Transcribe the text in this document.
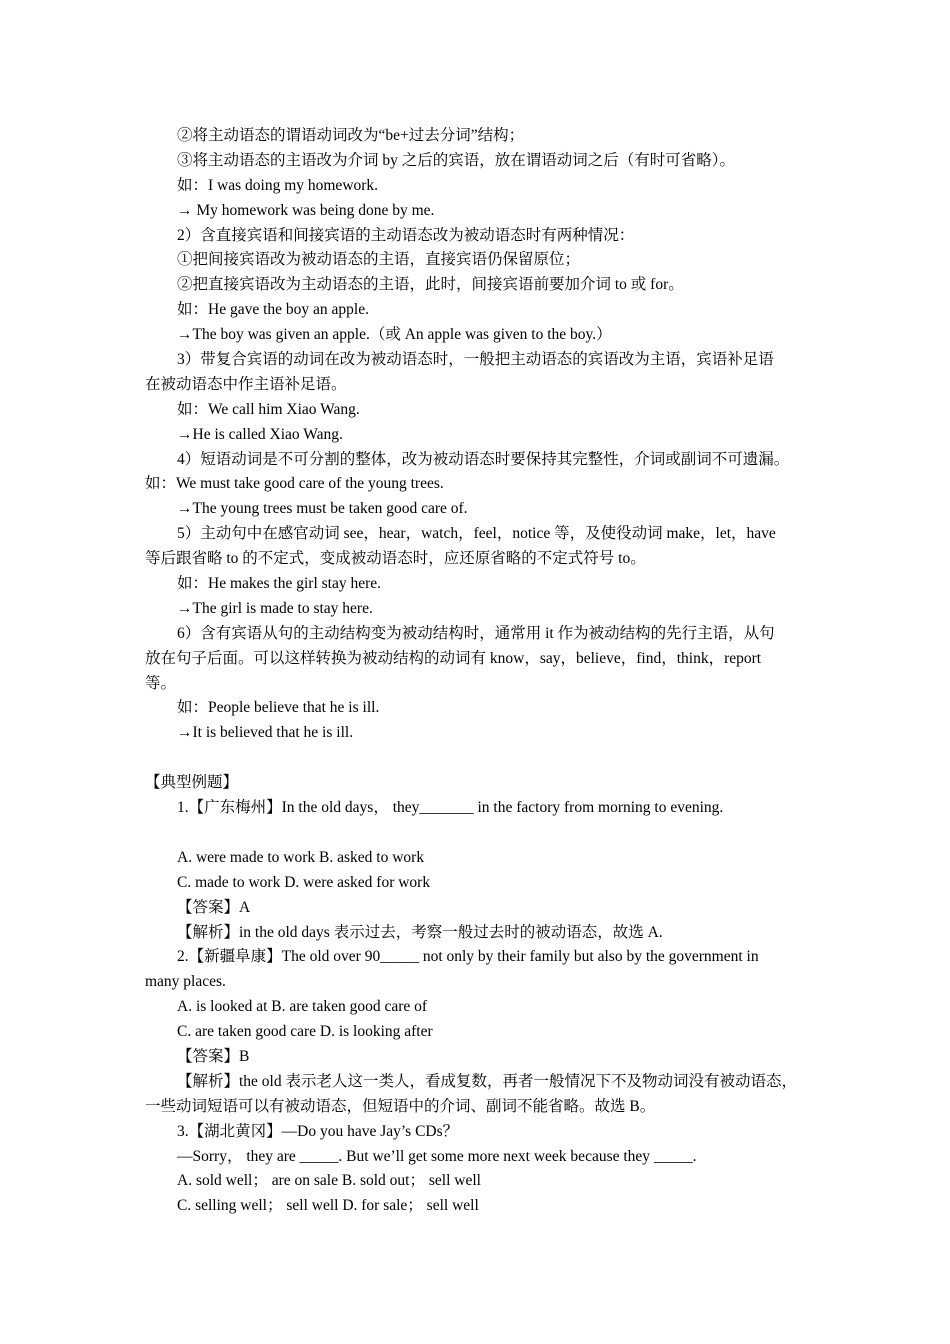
②将主动语态的谓语动词改为“be+过去分词”结构；
③将主动语态的主语改为介词 by 之后的宾语，放在谓语动词之后（有时可省略）。
如：I was doing my homework.
→ My homework was being done by me.
2）含直接宾语和间接宾语的主动语态改为被动语态时有两种情况：
①把间接宾语改为被动语态的主语，直接宾语仍保留原位；
②把直接宾语改为主动语态的主语，此时，间接宾语前要加介词 to 或 for。
如：He gave the boy an apple.
→The boy was given an apple.（或 An apple was given to the boy.）
3）带复合宾语的动词在改为被动语态时，一般把主动语态的宾语改为主语，宾语补足语
在被动语态中作主语补足语。
如：We call him Xiao Wang.
→He is called Xiao Wang.
4）短语动词是不可分割的整体，改为被动语态时要保持其完整性，介词或副词不可遗漏。
如：We must take good care of the young trees.
→The young trees must be taken good care of.
5）主动句中在感官动词 see，hear，watch，feel，notice 等，及使役动词 make，let，have
等后跟省略 to 的不定式，变成被动语态时，应还原省略的不定式符号 to。
如：He makes the girl stay here.
→The girl is made to stay here.
6）含有宾语从句的主动结构变为被动结构时，通常用 it 作为被动结构的先行主语，从句
放在句子后面。可以这样转换为被动结构的动词有 know，say，believe，find，think，report
等。
如：People believe that he is ill.
→It is believed that he is ill.
【典型例题】
1.【广东梅州】In the old days， they_______ in the factory from morning to evening.
A. were made to work B. asked to work
C. made to work D. were asked for work
【答案】A
【解析】in the old days 表示过去，考察一般过去时的被动语态，故选 A.
2.【新疆阜康】The old over 90_____ not only by their family but also by the government in
many places.
A. is looked at B. are taken good care of
C. are taken good care D. is looking after
【答案】B
【解析】the old 表示老人这一类人，看成复数，再者一般情况下不及物动词没有被动语态，
一些动词短语可以有被动语态，但短语中的介词、副词不能省略。故选 B。
3.【湖北黄冈】—Do you have Jay’s CDs？
—Sorry， they are _____. But we’ll get some more next week because they _____.
A. sold well； are on sale B. sold out； sell well
C. selling well； sell well D. for sale； sell well
